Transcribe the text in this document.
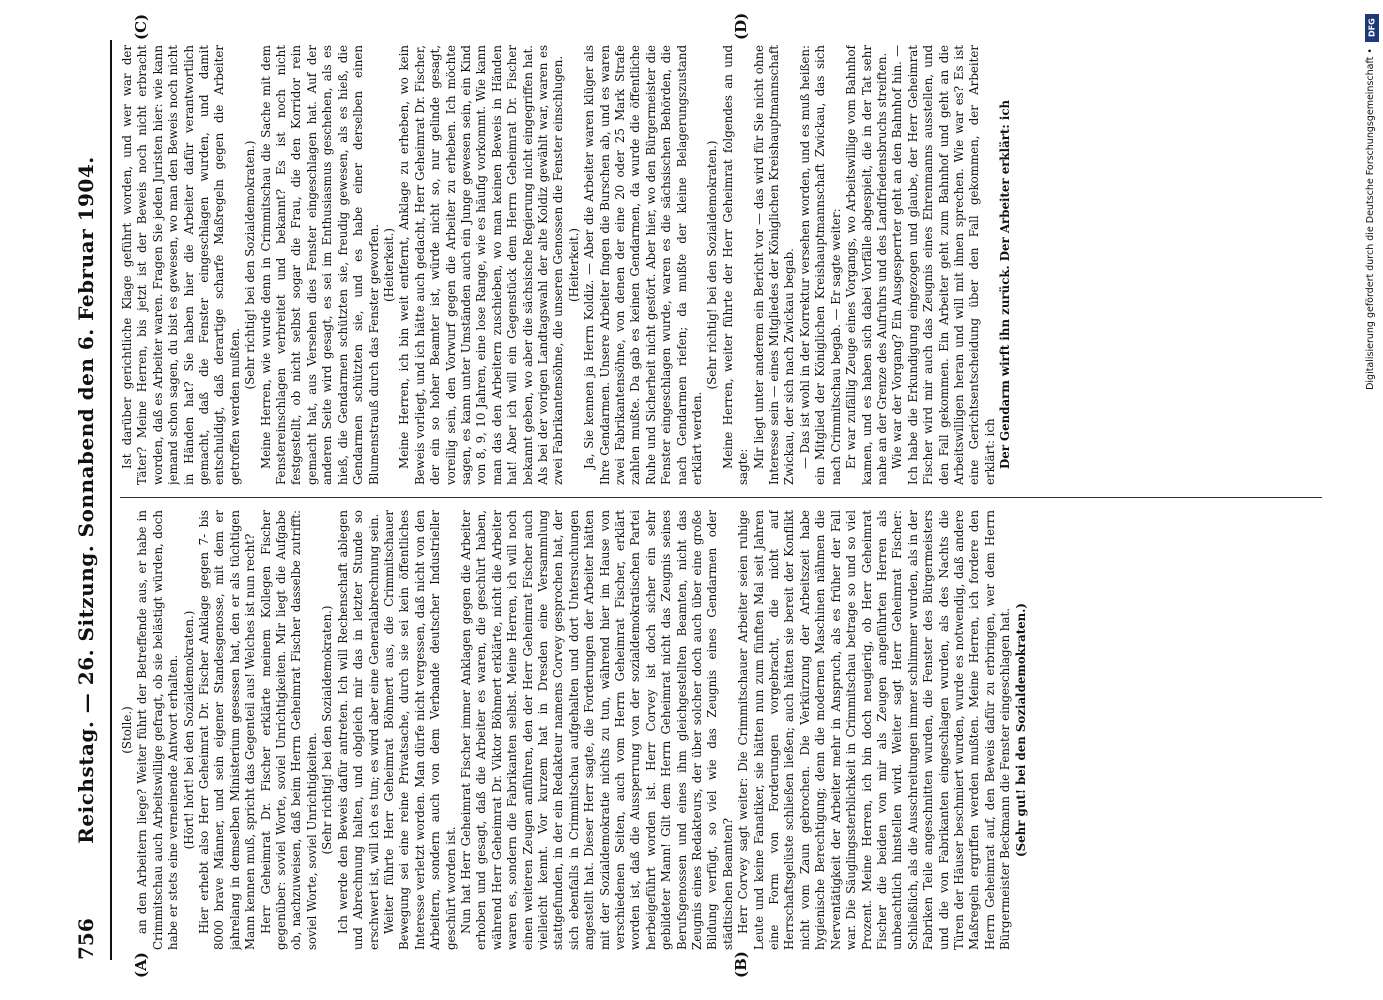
756
Reichstag. — 26. Sitzung. Sonnabend den 6. Februar 1904.
(A)	(B)
(C)	(D)

(Stolle.) an den Arbeitern liege? Weiter führt der Betreffende aus, er habe in Crimmitschau auch Arbeitswillige gefragt, ob sie belästigt würden, doch habe er stets eine verneinende Antwort erhalten. (Hört! hört! bei den Sozialdemokraten.) Hier erhebt also Herr Geheimrat Dr. Fischer Anklage gegen 7- bis 8000 brave Männer, und sein eigener Standesgenosse, mit dem er jahrelang in demselben Ministerium gesessen hat, den er als tüchtigen Mann kennen muß, spricht das Gegenteil aus! Welches ist nun recht? Herr Geheimrat Dr. Fischer erklärte meinem Kollegen Fischer gegenüber: soviel Worte, soviel Unrichtigkeiten. Mir liegt die Aufgabe ob, nachzuweisen, daß beim Herrn Geheimrat Fischer dasselbe zutrifft: soviel Worte, soviel Unrichtigkeiten. (Sehr richtig! bei den Sozialdemokraten.) Ich werde den Beweis dafür antreten. Ich will Rechenschaft ablegen und Abrechnung halten, und obgleich mir das in letzter Stunde so erschwert ist, will ich es tun; es wird aber eine Generalabrechnung sein. Weiter führte Herr Geheimrat Böhmert aus, die Crimmitschauer Bewegung sei eine reine Privatsache, durch sie sei kein öffentliches Interesse verletzt worden. Man dürfe nicht vergessen, daß nicht von den Arbeitern, sondern auch von dem Verbande deutscher Industrieller geschürt worden ist. Nun hat Herr Geheimrat Fischer immer Anklagen gegen die Arbeiter erhoben und gesagt, daß die Arbeiter es waren, die geschürt haben, während Herr Geheimrat Dr. Viktor Böhmert erklärte, nicht die Arbeiter waren es, sondern die Fabrikanten selbst. Meine Herren, ich will noch einen weiteren Zeugen anführen, den der Herr Geheimrat Fischer auch vielleicht kennt. Vor kurzem hat in Dresden eine Versammlung stattgefunden, in der ein Redakteur namens Corvey gesprochen hat, der sich ebenfalls in Crimmitschau aufgehalten und dort Untersuchungen angestellt hat. Dieser Herr sagte, die Forderungen der Arbeiter hätten mit der Sozialdemokratie nichts zu tun, während hier im Hause von verschiedenen Seiten, auch vom Herrn Geheimrat Fischer, erklärt worden ist, daß die Aussperrung von der sozialdemokratischen Partei herbeigeführt worden ist. Herr Corvey ist doch sicher ein sehr gebildeter Mann! Gilt dem Herrn Geheimrat nicht das Zeugnis seines Berufsgenossen und eines ihm gleichgestellten Beamten, nicht das Zeugnis eines Redakteurs, der über solcher doch auch über eine große Bildung verfügt, so viel wie das Zeugnis eines Gendarmen oder städtischen Beamten? Herr Corvey sagt weiter: Die Crimmitschauer Arbeiter seien ruhige Leute und keine Fanatiker, sie hätten nun zum fünften Mal seit Jahren eine Form von Forderungen vorgebracht, die nicht auf Herrschaftsgelüste schließen ließen; auch hätten sie bereit der Konflikt nicht vom Zaun gebrochen. Die Verkürzung der Arbeitszeit habe hygienische Berechtigung; denn die modernen Maschinen nähmen die Nerventätigkeit der Arbeiter mehr in Anspruch, als es früher der Fall war. Die Säuglingssterblichkeit in Crimmitschau betrage so und so viel Prozent. Meine Herren, ich bin doch neugierig, ob Herr Geheimrat Fischer die beiden von mir als Zeugen angeführten Herren als unbeachtlich hinstellen wird. Weiter sagt Herr Geheimrat Fischer: Schließlich, als die Ausschreitungen immer schlimmer wurden, als in der Fabriken Teile angeschnitten wurden, die Fenster des Bürgermeisters und die von Fabrikanten eingeschlagen wurden, als des Nachts die Türen der Häuser beschmiert wurden, wurde es notwendig, daß andere Maßregeln ergriffen werden mußten. Meine Herren, ich fordere den Herrn Geheimrat auf, den Beweis dafür zu erbringen, wer dem Herrn Bürgermeister Beckmann die Fenster eingeschlagen hat. (Sehr gut! bei den Sozialdemokraten.)

Ist darüber gerichtliche Klage geführt worden, und wer war der Täter? Meine Herren, bis jetzt ist der Beweis noch nicht erbracht worden, daß es Arbeiter waren. Fragen Sie jeden Juristen hier: wie kann jemand schon sagen, du bist es gewesen, wo man den Beweis noch nicht in Händen hat? Sie haben hier die Arbeiter dafür verantwortlich gemacht, daß die Fenster eingeschlagen wurden, und damit entschuldigt, daß derartige scharfe Maßregeln gegen die Arbeiter getroffen werden mußten.

(Sehr richtig! bei den Sozialdemokraten.) Meine Herren, wie wurde denn in Crimmitschau die Sache mit dem Fenstereinschlagen verbreitet und bekannt? Es ist noch nicht festgestellt, ob nicht selbst sogar die Frau, die den Korridor rein gemacht hat, aus Versehen dies Fenster eingeschlagen hat. Auf der anderen Seite wird gesagt, es sei im Enthusiasmus geschehen, als es hieß, die Gendarmen schützten sie, freudig gewesen, als es hieß, die Gendarmen schützten sie, und es habe einer derselben einen Blumenstrauß durch das Fenster geworfen. (Heiterkeit.) Meine Herren, ich bin weit entfernt, Anklage zu erheben, wo kein Beweis vorliegt, und ich hätte auch gedacht, Herr Geheimrat Dr. Fischer, der ein so hoher Beamter ist, würde nicht so, nur gelinde gesagt, voreilig sein, den Vorwurf gegen die Arbeiter zu erheben. Ich möchte sagen, es kann unter Umständen auch ein Junge gewesen sein, ein Kind von 8, 9, 10 Jahren, eine lose Range, wie es häufig vorkommt. Wie kann man das den Arbeitern zuschieben, wo man keinen Beweis in Händen hat! Aber ich will ein Gegenstück dem Herrn Geheimrat Dr. Fischer bekannt geben, wo aber die sächsische Regierung nicht eingegriffen hat. Als bei der vorigen Landtagswahl der alte Koldiz gewählt war, waren es zwei Fabrikantensöhne, die unseren Genossen die Fenster einschlugen. (Heiterkeit.) Ja, Sie kennen ja Herrn Koldiz. — Aber die Arbeiter waren klüger als Ihre Gendarmen. Unsere Arbeiter fingen die Burschen ab, und es waren zwei Fabrikantensöhne, von denen der eine 20 oder 25 Mark Strafe zahlen mußte. Da gab es keinen Gendarmen, da wurde die öffentliche Ruhe und Sicherheit nicht gestört. Aber hier, wo den Bürgermeister die Fenster eingeschlagen wurde, waren es die sächsischen Behörden, die nach Gendarmen riefen; da mußte der kleine Belagerungszustand erklärt werden.

(Sehr richtig! bei den Sozialdemokraten.) Meine Herren, weiter führte der Herr Geheimrat folgendes an und sagte: Mir liegt unter anderem ein Bericht vor — das wird für Sie nicht ohne Interesse sein — eines Mitgliedes der Königlichen Kreishauptmannschaft Zwickau, der sich nach Zwickau begab. — Das ist wohl in der Korrektur versehen worden, und es muß heißen: ein Mitglied der Königlichen Kreishauptmannschaft Zwickau, das sich nach Crimmitschau begab. — Er sagte weiter: Er war zufällig Zeuge eines Vorgangs, wo Arbeitswillige vom Bahnhof kamen, und es haben sich dabei Vorfälle abgespielt, die in der Tat sehr nahe an der Grenze des Aufruhrs und des Landfriedensbruchs streiften. Wie war der Vorgang? Ein Ausgesperrter geht an den Bahnhof hin. — Ich habe die Erkundigung eingezogen und glaube, der Herr Geheimrat Fischer wird mir auch das Zeugnis eines Ehrenmanns ausstellen, und den Fall gekommen. Ein Arbeiter geht zum Bahnhof und geht an die Arbeitswilligen heran und will mit ihnen sprechen. Wie war es? Es ist eine Gerichtsentscheidung über den Fall gekommen, der Arbeiter erklärt: ich Der Gendarm wirft ihn zurück. Der Arbeiter erklärt: ich

DFG
Digitalisierung gefördert durch die Deutsche Forschungsgemeinschaft •
